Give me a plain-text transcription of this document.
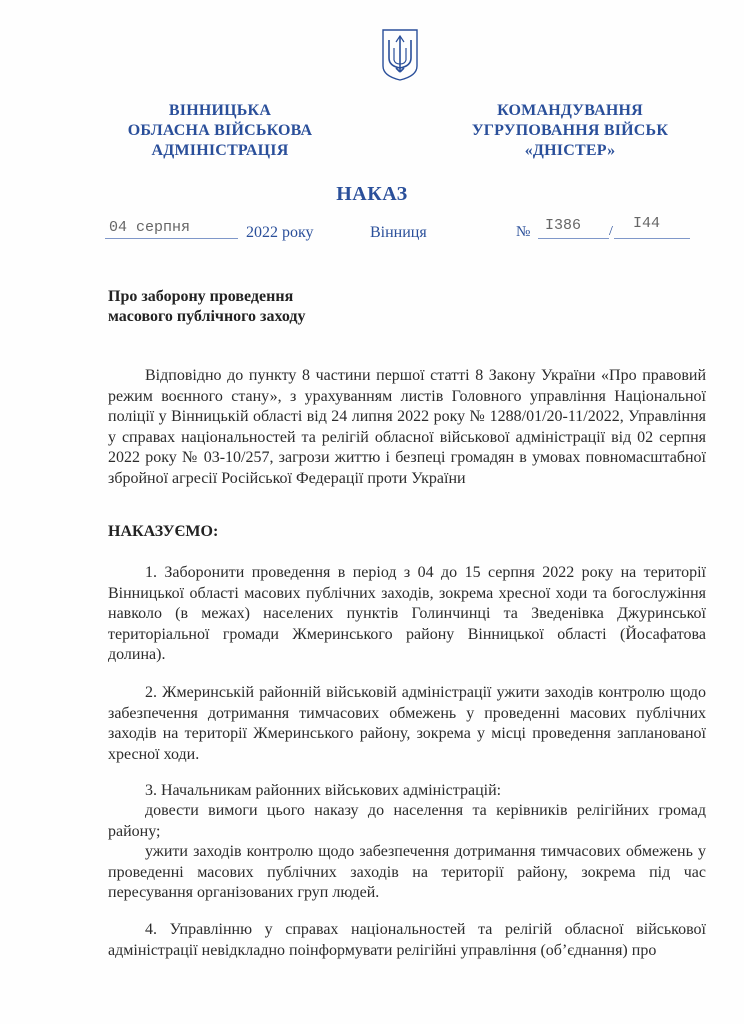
ВІННИЦЬКА
ОБЛАСНА ВІЙСЬКОВА
АДМІНІСТРАЦІЯ
КОМАНДУВАННЯ
УГРУПОВАННЯ ВІЙСЬК
«ДНІСТЕР»
НАКАЗ
04 серпня	2022 року	Вінниця	№ I386 / I44
Про заборону проведення
масового публічного заходу
Відповідно до пункту 8 частини першої статті 8 Закону України «Про правовий режим воєнного стану», з урахуванням листів Головного управління Національної поліції у Вінницькій області від 24 липня 2022 року № 1288/01/20-11/2022, Управління у справах національностей та релігій обласної військової адміністрації від 02 серпня 2022 року № 03-10/257, загрози життю і безпеці громадян в умовах повномасштабної збройної агресії Російської Федерації проти України
НАКАЗУЄМО:
1. Заборонити проведення в період з 04 до 15 серпня 2022 року на території Вінницької області масових публічних заходів, зокрема хресної ходи та богослужіння навколо (в межах) населених пунктів Голинчинці та Зведенівка Джуринської територіальної громади Жмеринського району Вінницької області (Йосафатова долина).
2. Жмеринській районній військовій адміністрації ужити заходів контролю щодо забезпечення дотримання тимчасових обмежень у проведенні масових публічних заходів на території Жмеринського району, зокрема у місці проведення запланованої хресної ходи.
3. Начальникам районних військових адміністрацій:
довести вимоги цього наказу до населення та керівників релігійних громад району;
ужити заходів контролю щодо забезпечення дотримання тимчасових обмежень у проведенні масових публічних заходів на території району, зокрема під час пересування організованих груп людей.
4. Управлінню у справах національностей та релігій обласної військової адміністрації невідкладно поінформувати релігійні управління (об’єднання) про
